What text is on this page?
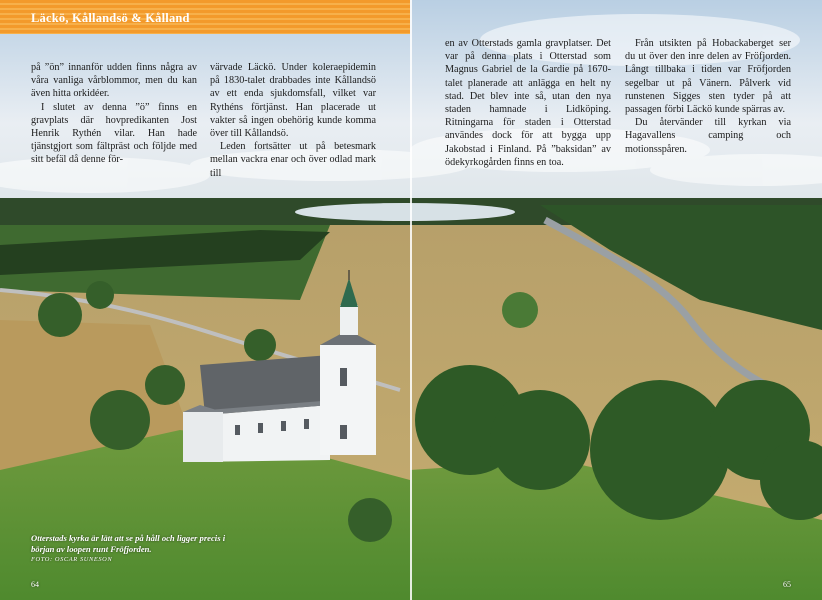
Läckö, Kållandsö & Kålland

på ”ön” innanför udden finns några av våra vanliga vårblommor, men du kan även hitta orkidéer.

I slutet av denna ”ö” finns en gravplats där hovpredikanten Jost Henrik Rythén vilar. Han hade tjänstgjort som fältpräst och följde med sitt befäl då denne för-

värvade Läckö. Under koleraepidemin på 1830-talet drabbades inte Kållandsö av ett enda sjukdomsfall, vilket var Rythéns förtjänst. Han placerade ut vakter så ingen obehörig kunde komma över till Kållandsö.

Leden fortsätter ut på betesmark mellan vackra enar och över odlad mark till

en av Otterstads gamla gravplatser. Det var på denna plats i Otterstad som Magnus Gabriel de la Gardie på 1670-talet planerade att anlägga en helt ny stad. Det blev inte så, utan den nya staden hamnade i Lidköping. Ritningarna för staden i Otterstad användes dock för att bygga upp Jakobstad i Finland. På ”baksidan” av ödekyrkogården finns en toa.

Från utsikten på Hobackaberget ser du ut över den inre delen av Fröfjorden. Långt tillbaka i tiden var Fröfjorden segelbar ut på Vänern. Pålverk vid runstenen Sigges sten tyder på att passagen förbi Läckö kunde spärras av.

Du återvänder till kyrkan via Hagavallens camping och motionsspåren.

Otterstads kyrka är lätt att se på håll och ligger precis i början av loopen runt Fröfjorden.
FOTO: OSCAR SUNESON
64	65
